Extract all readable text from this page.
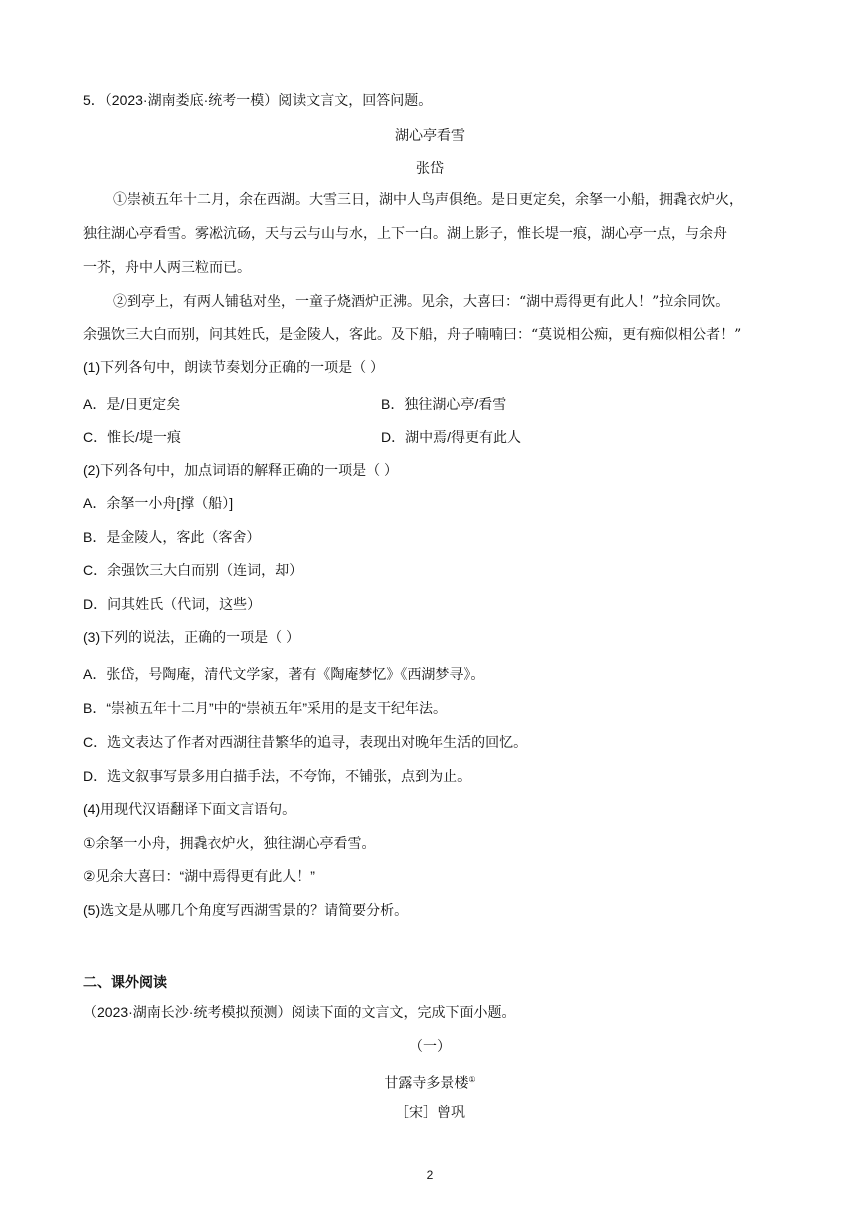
5．（2023·湖南娄底·统考一模）阅读文言文，回答问题。
湖心亭看雪
张岱
①崇祯五年十二月，余在西湖。大雪三日，湖中人鸟声俱绝。是日更定矣，余拏一小船，拥毳衣炉火，
独往湖心亭看雪。雾凇沆砀，天与云与山与水，上下一白。湖上影子，惟长堤一痕，湖心亭一点，与余舟
一芥，舟中人两三粒而已。
②到亭上，有两人铺毡对坐，一童子烧酒炉正沸。见余，大喜曰：“湖中焉得更有此人！”拉余同饮。
余强饮三大白而别，问其姓氏，是金陵人，客此。及下船，舟子喃喃曰：“莫说相公痴，更有痴似相公者！”
(1)下列各句中，朗读节奏划分正确的一项是（ ）
A．是/日更定矣	B．独往湖心亭/看雪
C．惟长/堤一痕	D．湖中焉/得更有此人
(2)下列各句中，加点词语的解释正确的一项是（ ）
A．余拏一小舟[撑（船）]
B．是金陵人，客此（客舍）
C．余强饮三大白而别（连词，却）
D．问其姓氏（代词，这些）
(3)下列的说法，正确的一项是（ ）
A．张岱，号陶庵，清代文学家，著有《陶庵梦忆》《西湖梦寻》。
B．“崇祯五年十二月”中的“崇祯五年”采用的是支干纪年法。
C．选文表达了作者对西湖往昔繁华的追寻，表现出对晚年生活的回忆。
D．选文叙事写景多用白描手法，不夸饰，不铺张，点到为止。
(4)用现代汉语翻译下面文言语句。
①余拏一小舟，拥毳衣炉火，独往湖心亭看雪。
②见余大喜曰：“湖中焉得更有此人！”
(5)选文是从哪几个角度写西湖雪景的？请简要分析。
二、课外阅读
（2023·湖南长沙·统考模拟预测）阅读下面的文言文，完成下面小题。
（一）
甘露寺多景楼①
［宋］曾巩
2
